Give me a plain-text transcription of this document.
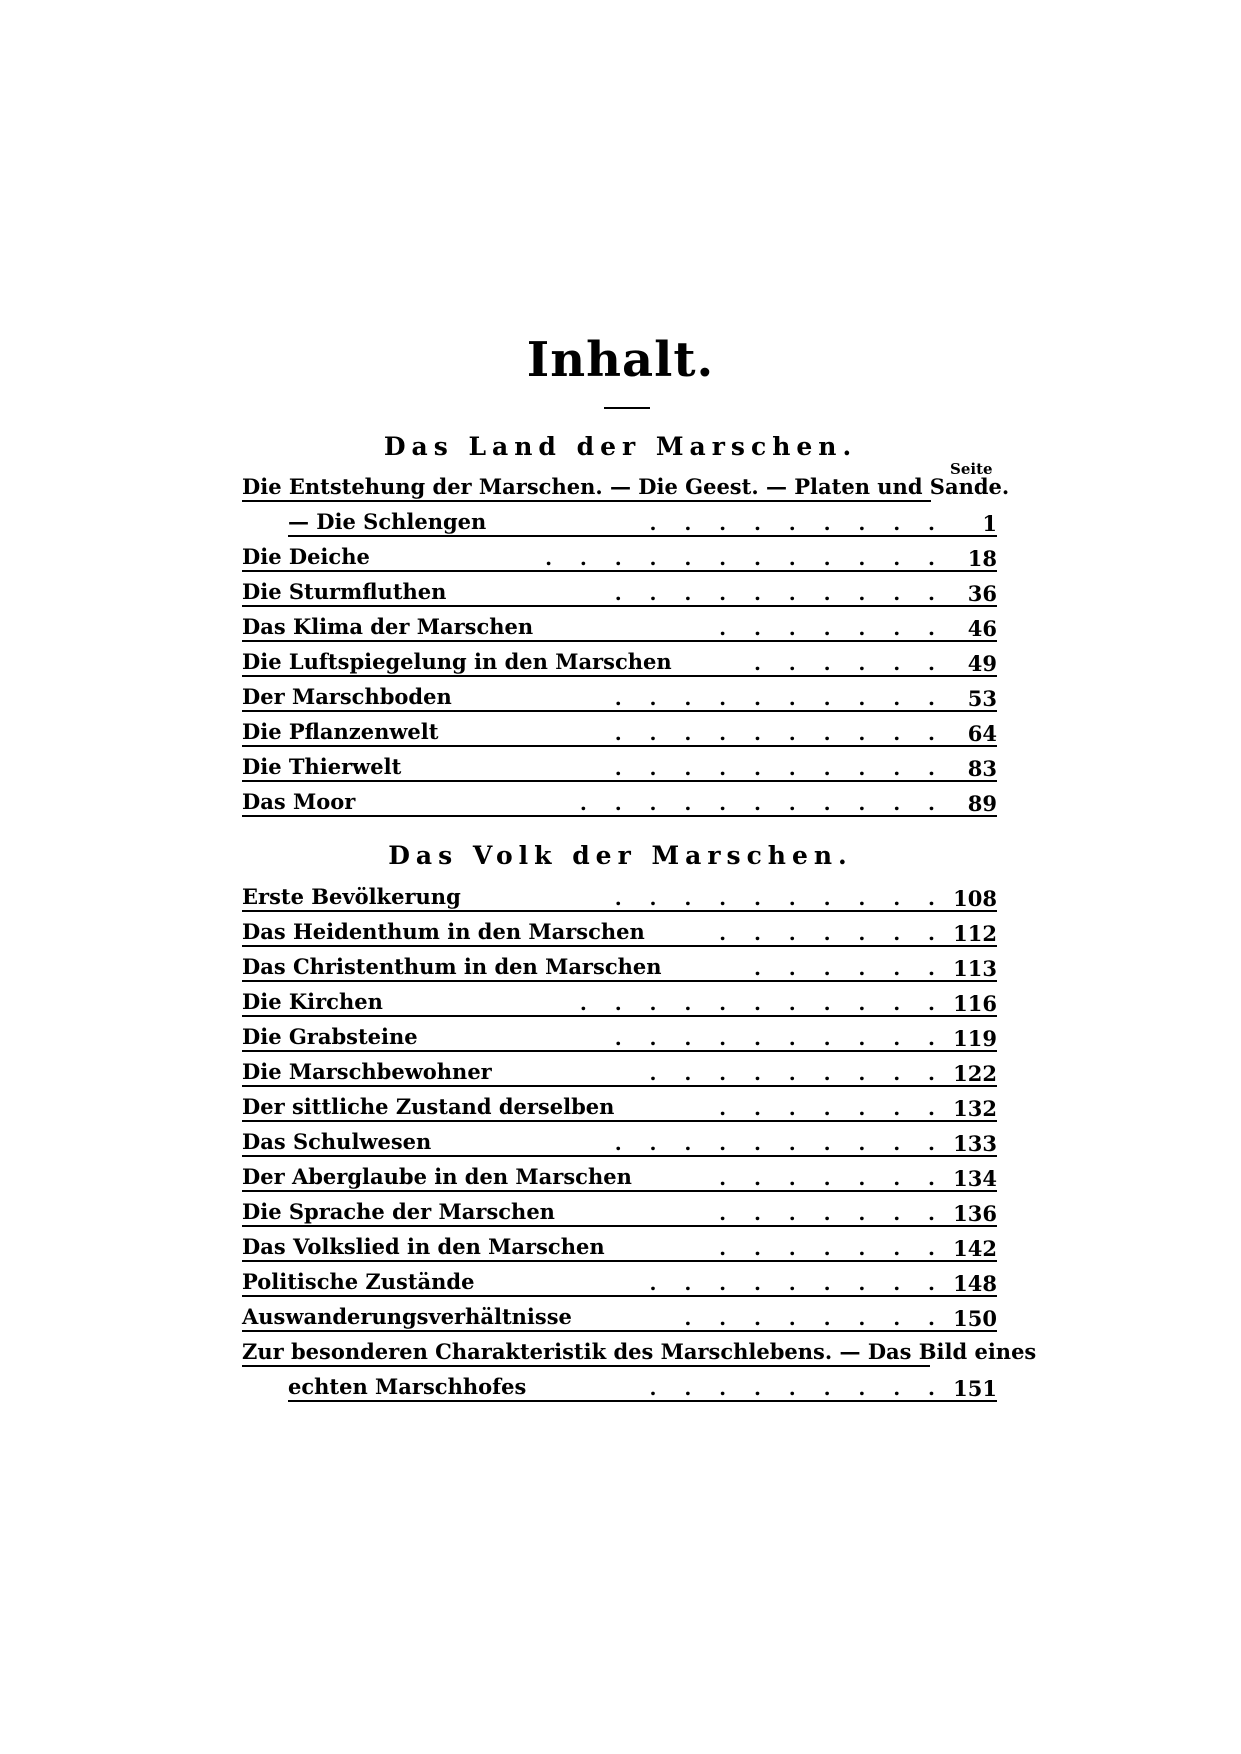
Inhalt.
Das Land der Marschen.
Seite
Die Entstehung der Marschen. — Die Geest. — Platen und Sande.
— Die Schlengen	.    .    .    .    .    .    .    .    . 1
Die Deiche	.    .    .    .    .    .    .    .    .    .    .    . 18
Die Sturmfluthen	.    .    .    .    .    .    .    .    .    . 36
Das Klima der Marschen	.    .    .    .    .    .    . 46
Die Luftspiegelung in den Marschen	.    .    .    .    .    . 49
Der Marschboden	.    .    .    .    .    .    .    .    .    . 53
Die Pflanzenwelt	.    .    .    .    .    .    .    .    .    . 64
Die Thierwelt	.    .    .    .    .    .    .    .    .    . 83
Das Moor	.    .    .    .    .    .    .    .    .    .    . 89
Das Volk der Marschen.
Erste Bevölkerung	.    .    .    .    .    .    .    .    .    . 108
Das Heidenthum in den Marschen	.    .    .    .    .    .    . 112
Das Christenthum in den Marschen	.    .    .    .    .    . 113
Die Kirchen	.    .    .    .    .    .    .    .    .    .    . 116
Die Grabsteine	.    .    .    .    .    .    .    .    .    . 119
Die Marschbewohner	.    .    .    .    .    .    .    .    . 122
Der sittliche Zustand derselben	.    .    .    .    .    .    . 132
Das Schulwesen	.    .    .    .    .    .    .    .    .    . 133
Der Aberglaube in den Marschen	.    .    .    .    .    .    . 134
Die Sprache der Marschen	.    .    .    .    .    .    . 136
Das Volkslied in den Marschen	.    .    .    .    .    .    . 142
Politische Zustände	.    .    .    .    .    .    .    .    . 148
Auswanderungsverhältnisse	.    .    .    .    .    .    .    . 150
Zur besonderen Charakteristik des Marschlebens. — Das Bild eines
echten Marschhofes	.    .    .    .    .    .    .    .    . 151
